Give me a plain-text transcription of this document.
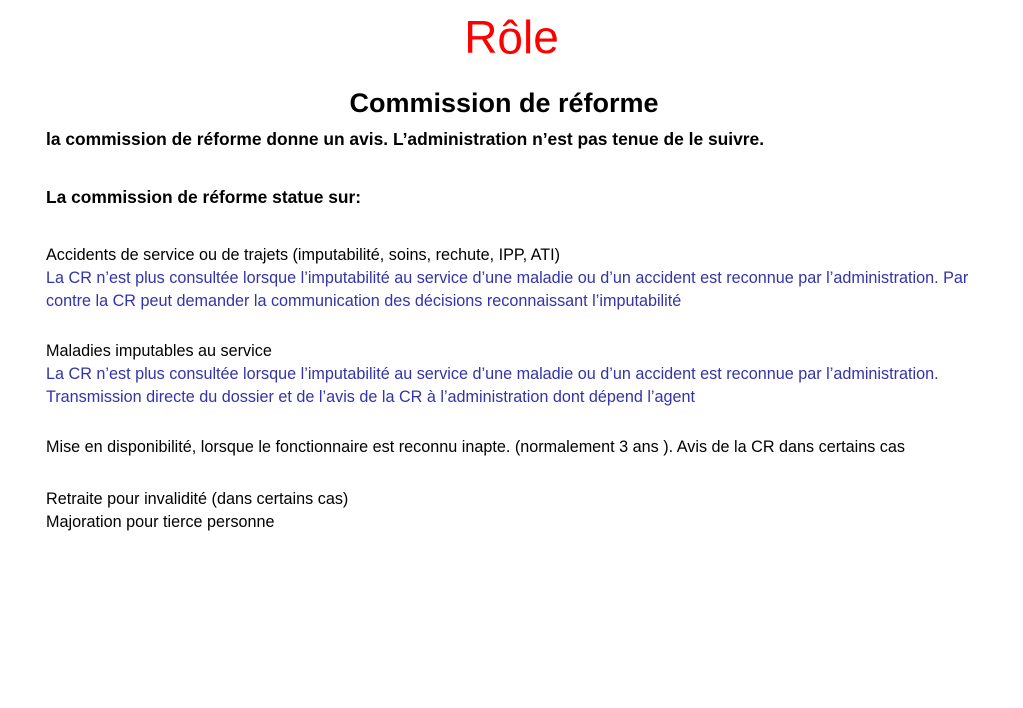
Rôle
Commission de réforme

la commission de réforme donne un avis. L’administration n’est pas tenue de le suivre.

La commission de réforme statue sur:

Accidents de service ou de trajets (imputabilité, soins, rechute, IPP, ATI)

La CR n’est plus consultée lorsque l’imputabilité au service d’une maladie ou d’un accident est reconnue par l’administration. Par contre la CR peut demander la communication des décisions reconnaissant l’imputabilité

Maladies imputables au service

La CR n’est plus consultée lorsque l’imputabilité au service d’une maladie ou d’un accident est reconnue par l’administration. Transmission directe du dossier et de l’avis de la CR à l’administration dont dépend l’agent

Mise en disponibilité, lorsque le fonctionnaire est reconnu inapte. (normalement 3 ans ). Avis de la CR dans certains cas

Retraite pour invalidité (dans certains cas)

Majoration pour tierce personne
